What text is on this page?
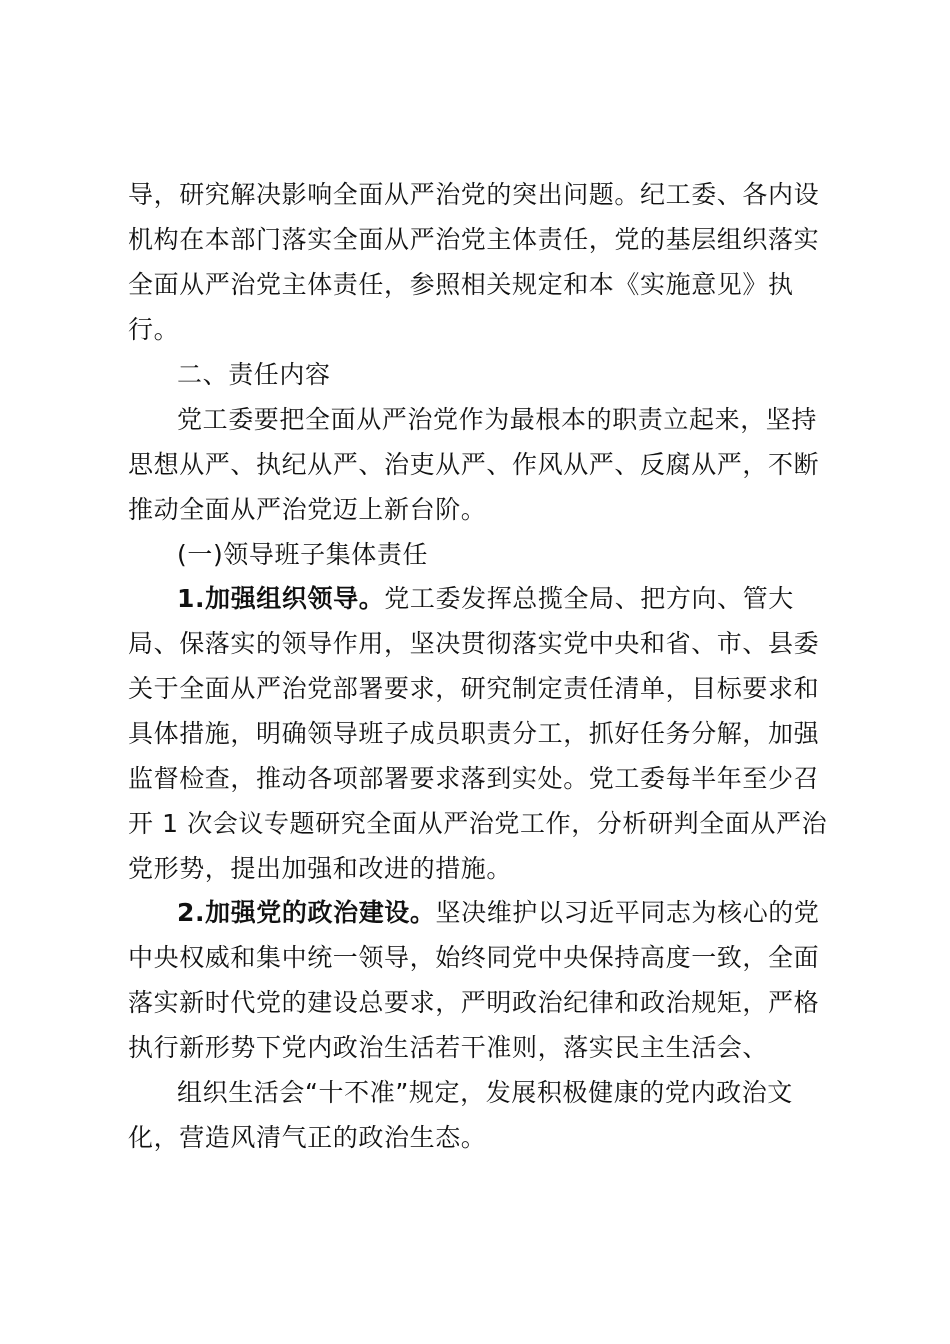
导，研究解决影响全面从严治党的突出问题。纪工委、各内设
机构在本部门落实全面从严治党主体责任，党的基层组织落实
全面从严治党主体责任，参照相关规定和本《实施意见》执
行。
二、责任内容
党工委要把全面从严治党作为最根本的职责立起来，坚持
思想从严、执纪从严、治吏从严、作风从严、反腐从严，不断
推动全面从严治党迈上新台阶。
(一)领导班子集体责任
1.加强组织领导。党工委发挥总揽全局、把方向、管大
局、保落实的领导作用，坚决贯彻落实党中央和省、市、县委
关于全面从严治党部署要求，研究制定责任清单，目标要求和
具体措施，明确领导班子成员职责分工，抓好任务分解，加强
监督检查，推动各项部署要求落到实处。党工委每半年至少召
开 1 次会议专题研究全面从严治党工作，分析研判全面从严治
党形势，提出加强和改进的措施。
2.加强党的政治建设。坚决维护以习近平同志为核心的党
中央权威和集中统一领导，始终同党中央保持高度一致，全面
落实新时代党的建设总要求，严明政治纪律和政治规矩，严格
执行新形势下党内政治生活若干准则，落实民主生活会、
组织生活会“十不准”规定，发展积极健康的党内政治文
化，营造风清气正的政治生态。
